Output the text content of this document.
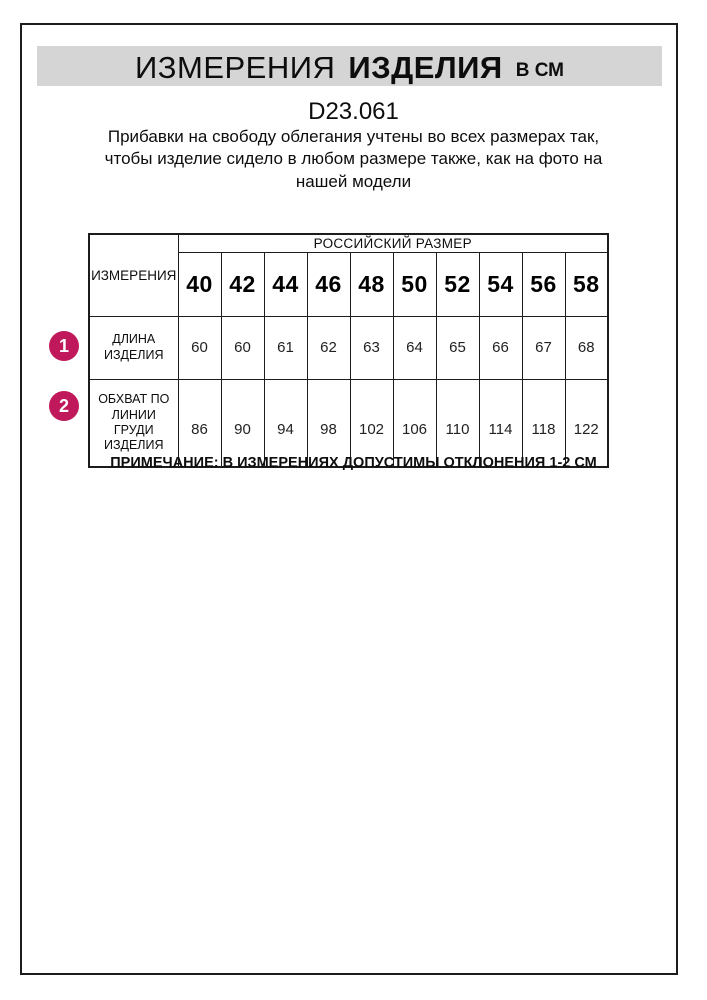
ИЗМЕРЕНИЯ ИЗДЕЛИЯ В СМ
D23.061
Прибавки на свободу облегания учтены во всех размерах так, чтобы изделие сидело в любом размере также, как на фото на нашей модели
ИЗМЕРЕНИЯ	РОССИЙСКИЙ РАЗМЕР									
	40	42	44	46	48	50	52	54	56	58
ДЛИНА ИЗДЕЛИЯ	60	60	61	62	63	64	65	66	67	68
ОБХВАТ ПО ЛИНИИ ГРУДИ ИЗДЕЛИЯ	86	90	94	98	102	106	110	114	118	122
1
2
ПРИМЕЧАНИЕ: В ИЗМЕРЕНИЯХ ДОПУСТИМЫ ОТКЛОНЕНИЯ 1-2 СМ
